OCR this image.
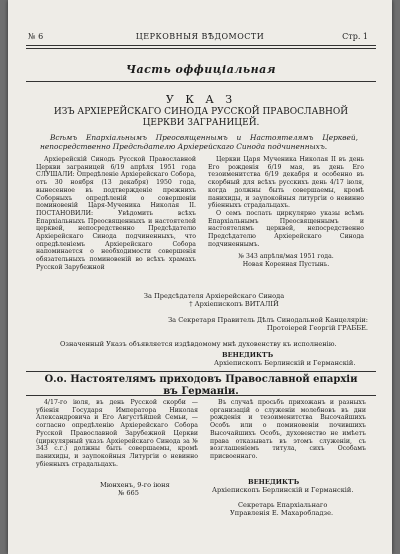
№ 6	ЦЕРКОВНЫЯ ВѢДОМОСТИ	Стр. 1
Часть оффиціальная
У К А З
ИЗЪ АРХІЕРЕЙСКАГО СИНОДА РУССКОЙ ПРАВОСЛАВНОЙ
ЦЕРКВИ ЗАГРАНИЦЕЙ.
Всѣмъ Епархіальнымъ Преосвященнымъ и Настоятелямъ Церквей, непосредственно Предсѣдателю Архіерейскаго Синода подчиненныхъ.
Архіерейскій Синодъ Русской Православной Церкви заграницей 6/19 апрѣля 1951 года СЛУШАЛИ: Опредѣленіе Архіерейскаго Собора, отъ 30 ноября (13 декабря) 1950 года, вынесенное въ подтвержденіе прежнихъ Соборныхъ опредѣленій о совершеніи поминовеній Царя-Мученика Николая II. ПОСТАНОВИЛИ: Увѣдомить всѣхъ Епархіальныхъ Преосвященныхъ и настоятелей церквей, непосредственно Предсѣдателю Архіерейскаго Синода подчиненныхъ, что опредѣленіемъ Архіерейскаго Собора напоминается о необходимости совершенія обязательныхъ поминовеній во всѣхъ храмахъ Русской Зарубежной

Церкви Царя Мученика Николая II въ день Его рожденія 6/19 мая, въ день Его тезоименитства 6/19 декабря и особенно въ скорбный для всѣхъ русскихъ день 4/17 іюля, когда должны быть совершаемы, кромѣ панихиды, и заупокойныя литургіи о невинно убіенныхъ страдальцахъ.

О семъ послать циркулярно указы всѣмъ Епархіальнымъ Преосвященнымъ и настоятелямъ церквей, непосредственно Предсѣдателю Архіерейскаго Синода подчиненнымъ.

№ 343 апрѣля/мая 1951 года.

Новая Коренная Пустынь.

За Предсѣдателя Архіерейскаго Синода
† Архіепископъ ВИТАЛІЙ
За Секретаря Правитель Дѣлъ Синодальной Канцеляріи:
Протоіерей Георгій ГРАББЕ.
Означенный Указъ объявляется издѣвдомому мнѣ духовенству къ исполненію.
ВЕНЕДИКТЪ
Архіепископъ Берлинскій и Германскій.
О.о. Настоятелямъ приходовъ Православной епархіи въ Германіи.
4/17-го іюля, въ день Русской скорби — убіенія Государя Императора Николая Александровича и Его Августѣйшей Семьи, — согласно опредѣленію Архіерейскаго Собора Русской Православной Зарубежной Церкви (циркулярный указъ Архіерейскаго Синода за № 343 с.г.) должны быть совершаемы, кромѣ панихиды, и заупокойныя Литургіи о невинно убіенныхъ страдальцахъ.
Въ случаѣ просьбъ прихожанъ и разныхъ организацій о служеніи молебновъ въ дни рожденія и тезоименитства Высочайшихъ Особъ или о поминовеніи почившихъ Высочайшихъ Особъ, духовенство не имѣетъ права отказывать въ этомъ служеніи, съ возглашеніемъ титула, сихъ Особамъ присвоеннаго.
Мюнхенъ, 9-го іюня
№ 665
ВЕНЕДИКТЪ
Архіепископъ Берлинскій и Германскій.
Секретарь Епархіальнаго
Управленія Е. Махаробладзе.
